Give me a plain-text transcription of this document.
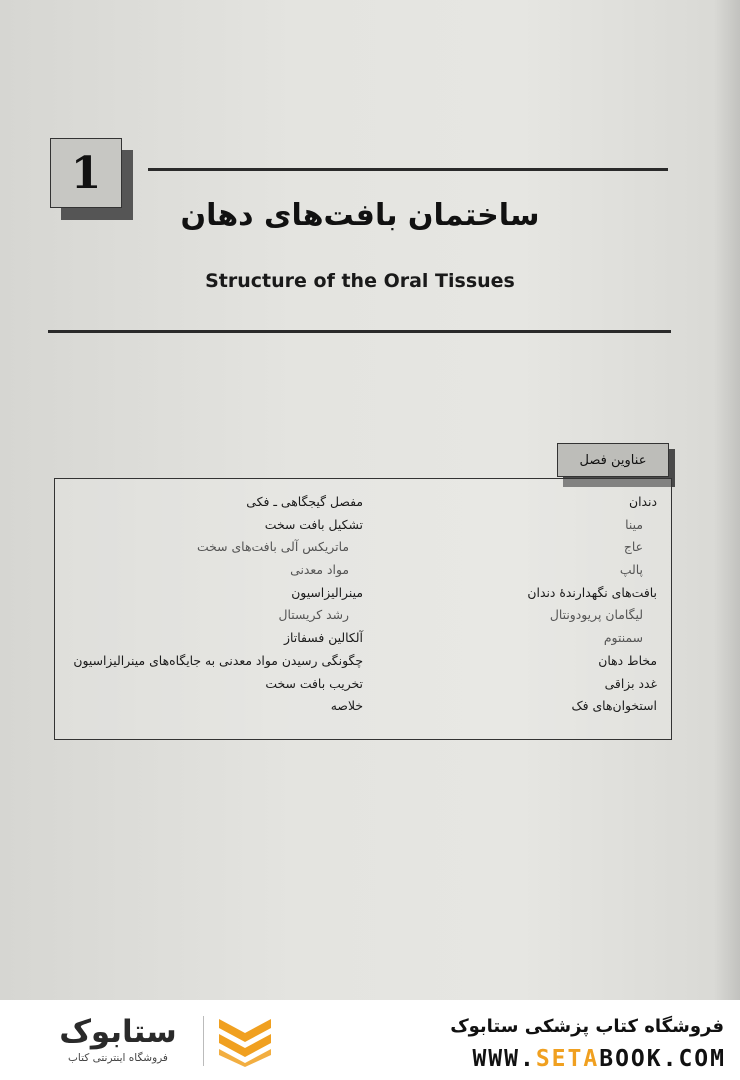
1
ساختمان بافت‌های دهان
Structure of the Oral Tissues
عناوین فصل
دندان
مینا
عاج
پالپ
بافت‌های نگهدارندهٔ دندان
لیگامان پریودونتال
سمنتوم
مخاط دهان
غدد بزاقی
استخوان‌های فک
مفصل گیجگاهی ـ فکی
تشکیل بافت سخت
ماتریکس آلی بافت‌های سخت
مواد معدنی
مینرالیزاسیون
رشد کریستال
آلکالین فسفاتاز
چگونگی رسیدن مواد معدنی به جایگاه‌های مینرالیزاسیون
تخریب بافت سخت
خلاصه
ستابوک
فروشگاه اینترنتی کتاب
فروشگاه کتاب پزشکی ستابوک
WWW.SETABOOK.COM
